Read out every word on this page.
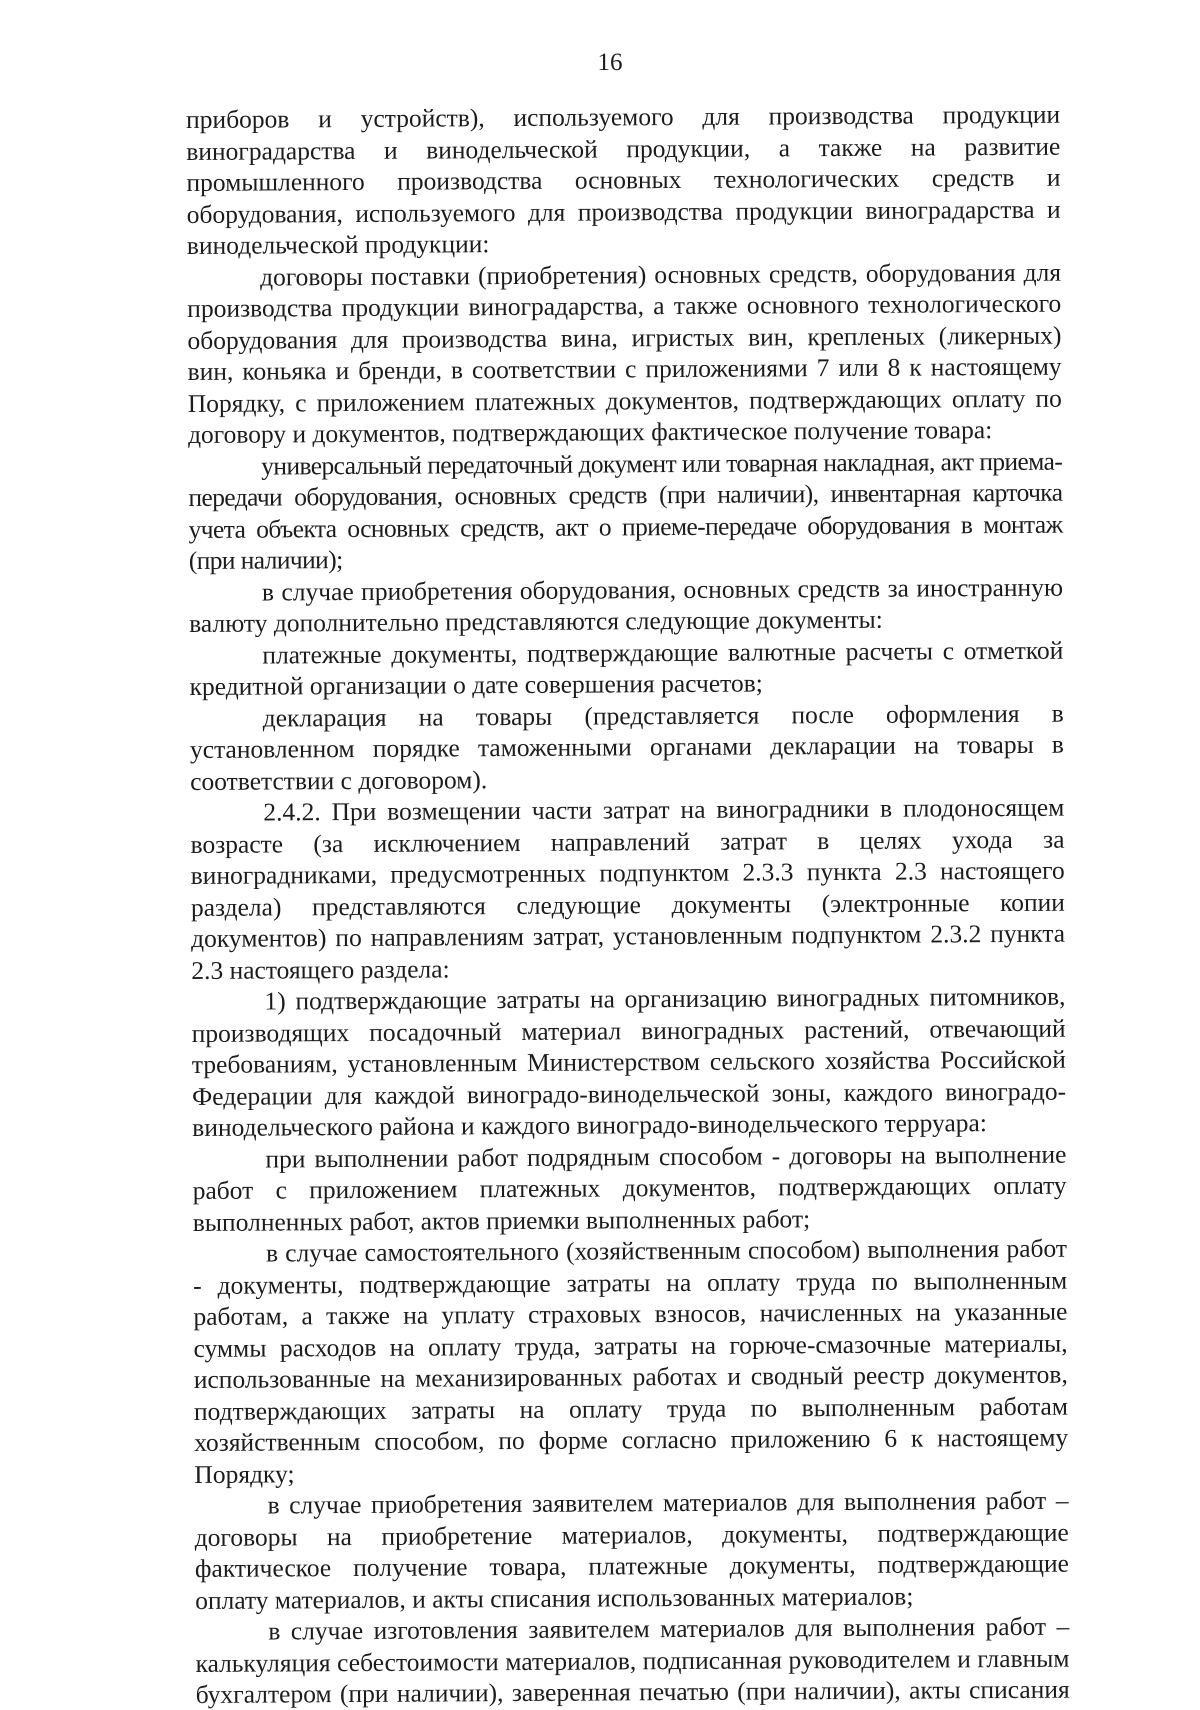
16

приборов и устройств), используемого для производства продукции виноградарства и винодельческой продукции, а также на развитие промышленного производства основных технологических средств и оборудования, используемого для производства продукции виноградарства и винодельческой продукции:

договоры поставки (приобретения) основных средств, оборудования для производства продукции виноградарства, а также основного технологического оборудования для производства вина, игристых вин, крепленых (ликерных) вин, коньяка и бренди, в соответствии с приложениями 7 или 8 к настоящему Порядку, с приложением платежных документов, подтверждающих оплату по договору и документов, подтверждающих фактическое получение товара:

универсальный передаточный документ или товарная накладная, акт приема-передачи оборудования, основных средств (при наличии), инвентарная карточка учета объекта основных средств, акт о приеме-передаче оборудования в монтаж (при наличии);

в случае приобретения оборудования, основных средств за иностранную валюту дополнительно представляются следующие документы:

платежные документы, подтверждающие валютные расчеты с отметкой кредитной организации о дате совершения расчетов;

декларация на товары (представляется после оформления в установленном порядке таможенными органами декларации на товары в соответствии с договором).

2.4.2. При возмещении части затрат на виноградники в плодоносящем возрасте (за исключением направлений затрат в целях ухода за виноградниками, предусмотренных подпунктом 2.3.3 пункта 2.3 настоящего раздела) представляются следующие документы (электронные копии документов) по направлениям затрат, установленным подпунктом 2.3.2 пункта 2.3 настоящего раздела:

1) подтверждающие затраты на организацию виноградных питомников, производящих посадочный материал виноградных растений, отвечающий требованиям, установленным Министерством сельского хозяйства Российской Федерации для каждой виноградо-винодельческой зоны, каждого виноградо-винодельческого района и каждого виноградо-винодельческого терруара:

при выполнении работ подрядным способом - договоры на выполнение работ с приложением платежных документов, подтверждающих оплату выполненных работ, актов приемки выполненных работ;

в случае самостоятельного (хозяйственным способом) выполнения работ - документы, подтверждающие затраты на оплату труда по выполненным работам, а также на уплату страховых взносов, начисленных на указанные суммы расходов на оплату труда, затраты на горюче-смазочные материалы, использованные на механизированных работах и сводный реестр документов, подтверждающих затраты на оплату труда по выполненным работам хозяйственным способом, по форме согласно приложению 6 к настоящему Порядку;

в случае приобретения заявителем материалов для выполнения работ – договоры на приобретение материалов, документы, подтверждающие фактическое получение товара, платежные документы, подтверждающие оплату материалов, и акты списания использованных материалов;

в случае изготовления заявителем материалов для выполнения работ – калькуляция себестоимости материалов, подписанная руководителем и главным бухгалтером (при наличии), заверенная печатью (при наличии), акты списания
